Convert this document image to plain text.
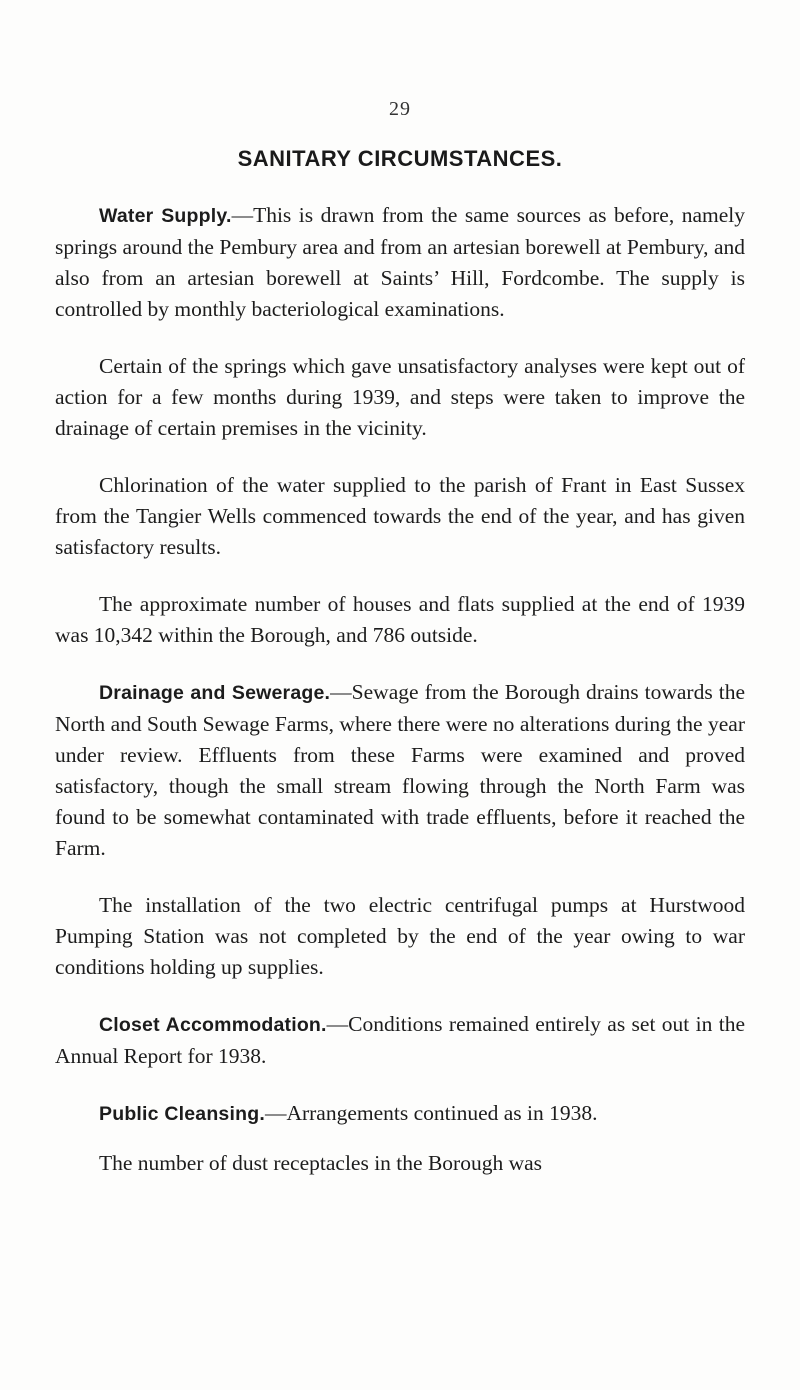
29
SANITARY CIRCUMSTANCES.

Water Supply.—This is drawn from the same sources as before, namely springs around the Pembury area and from an artesian borewell at Pembury, and also from an artesian borewell at Saints’ Hill, Fordcombe. The supply is controlled by monthly bacteriological examinations.

Certain of the springs which gave unsatisfactory analyses were kept out of action for a few months during 1939, and steps were taken to improve the drainage of certain premises in the vicinity.

Chlorination of the water supplied to the parish of Frant in East Sussex from the Tangier Wells commenced towards the end of the year, and has given satisfactory results.

The approximate number of houses and flats supplied at the end of 1939 was 10,342 within the Borough, and 786 outside.

Drainage and Sewerage.—Sewage from the Borough drains towards the North and South Sewage Farms, where there were no alterations during the year under review. Effluents from these Farms were examined and proved satisfactory, though the small stream flowing through the North Farm was found to be somewhat contaminated with trade effluents, before it reached the Farm.

The installation of the two electric centrifugal pumps at Hurstwood Pumping Station was not completed by the end of the year owing to war conditions holding up supplies.

Closet Accommodation.—Conditions remained entirely as set out in the Annual Report for 1938.

Public Cleansing.—Arrangements continued as in 1938.

The number of dust receptacles in the Borough was
